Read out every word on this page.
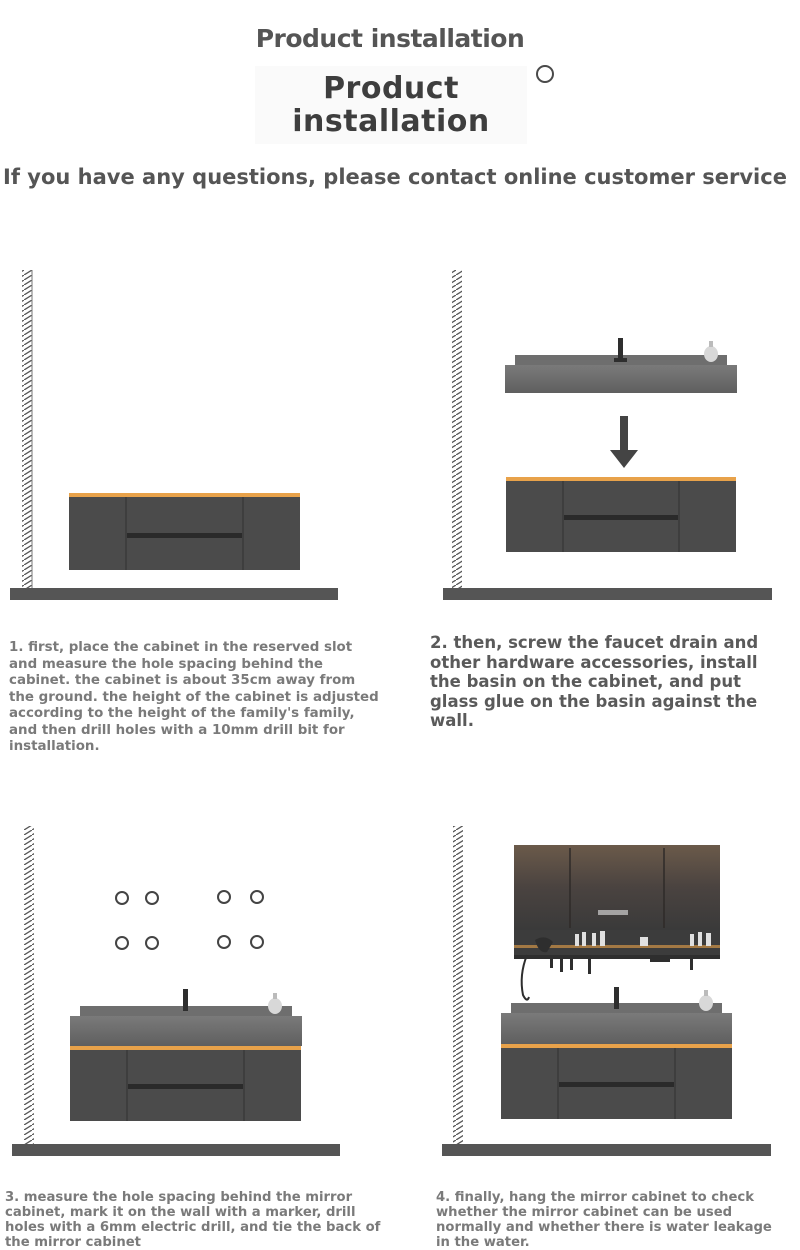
Product installation
Product
installation
If you have any questions, please contact online customer service
1. first, place the cabinet in the reserved slot and measure the hole spacing behind the cabinet. the cabinet is about 35cm away from the ground. the height of the cabinet is adjusted according to the height of the family's family, and then drill holes with a 10mm drill bit for installation.
2. then, screw the faucet drain and other hardware accessories, install the basin on the cabinet, and put glass glue on the basin against the wall.
3. measure the hole spacing behind the mirror cabinet, mark it on the wall with a marker, drill holes with a 6mm electric drill, and tie the back of the mirror cabinet
4. finally, hang the mirror cabinet to check whether the mirror cabinet can be used normally and whether there is water leakage in the water.
